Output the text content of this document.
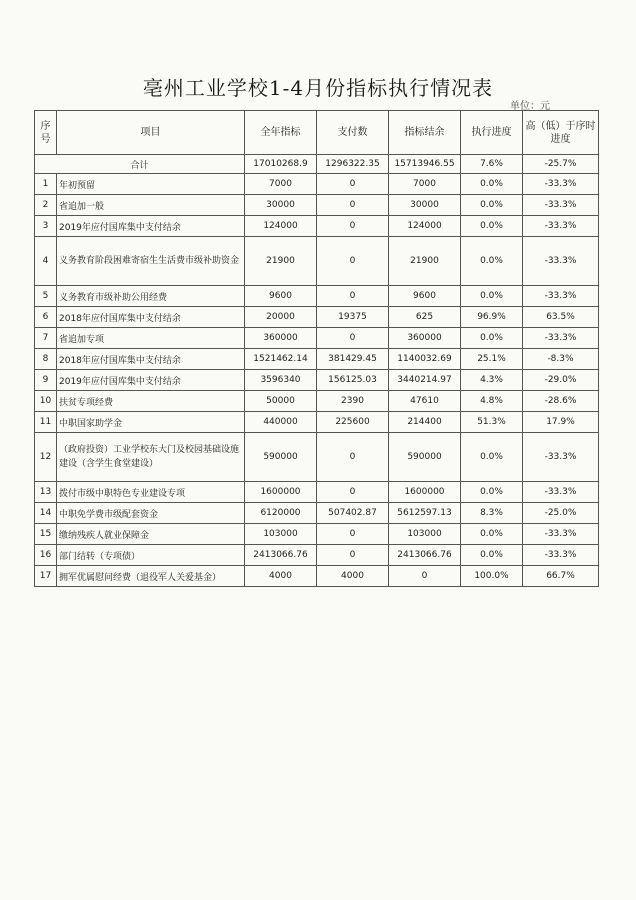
亳州工业学校1-4月份指标执行情况表
单位：元
序号	项目	全年指标	支付数	指标结余	执行进度	高（低）于序时进度
合计		17010268.9	1296322.35	15713946.55	7.6%	-25.7%
1	年初预留	7000	0	7000	0.0%	-33.3%
2	省追加一般	30000	0	30000	0.0%	-33.3%
3	2019年应付国库集中支付结余	124000	0	124000	0.0%	-33.3%
4	义务教育阶段困难寄宿生生活费市级补助资金	21900	0	21900	0.0%	-33.3%
5	义务教育市级补助公用经费	9600	0	9600	0.0%	-33.3%
6	2018年应付国库集中支付结余	20000	19375	625	96.9%	63.5%
7	省追加专项	360000	0	360000	0.0%	-33.3%
8	2018年应付国库集中支付结余	1521462.14	381429.45	1140032.69	25.1%	-8.3%
9	2019年应付国库集中支付结余	3596340	156125.03	3440214.97	4.3%	-29.0%
10	扶贫专项经费	50000	2390	47610	4.8%	-28.6%
11	中职国家助学金	440000	225600	214400	51.3%	17.9%
12	（政府投资）工业学校东大门及校园基础设施建设（含学生食堂建设）	590000	0	590000	0.0%	-33.3%
13	拨付市级中职特色专业建设专项	1600000	0	1600000	0.0%	-33.3%
14	中职免学费市级配套资金	6120000	507402.87	5612597.13	8.3%	-25.0%
15	缴纳残疾人就业保障金	103000	0	103000	0.0%	-33.3%
16	部门结转（专项债）	2413066.76	0	2413066.76	0.0%	-33.3%
17	拥军优属慰问经费（退役军人关爱基金）	4000	4000	0	100.0%	66.7%
